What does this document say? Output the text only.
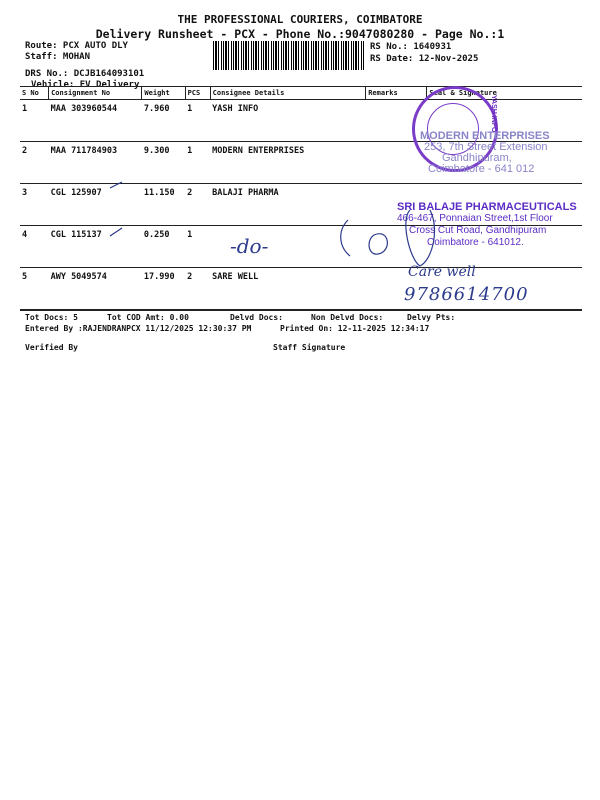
THE PROFESSIONAL COURIERS, COIMBATORE
Delivery Runsheet - PCX - Phone No.:9047080280 - Page No.:1
Route: PCX AUTO DLY
Staff: MOHAN
DRS No.: DCJB164093101
Vehicle: EV Delivery
RS No.: 1640931
RS Date: 12-Nov-2025
S No	Consignment No	Weight	PCS	Consignee Details	Remarks	Seal & Signature
1	MAA 303960544	7.960	1	YASH INFO		
2	MAA 711784903	9.300	1	MODERN ENTERPRISES		
3	CGL 125907	11.150	2	BALAJI PHARMA		
4	CGL 115137	0.250	1			
5	AWY 5049574	17.990	2	SARE WELL		
YASH INFO
MODERN ENTERPRISES
253, 7th Street Extension
Gandhipuram,
Coimbatore - 641 012
SRI BALAJE PHARMACEUTICALS
466-467, Ponnaian Street,1st Floor
Cross Cut Road, Gandhipuram
Coimbatore - 641012.
-do-
Care well
9786614700
Tot Docs: 5	Tot COD Amt: 0.00	Delvd Docs:	Non Delvd Docs:	Delvy Pts:
Entered By :RAJENDRANPCX 11/12/2025 12:30:37 PM	Printed On: 12-11-2025 12:34:17
Verified By	Staff Signature
